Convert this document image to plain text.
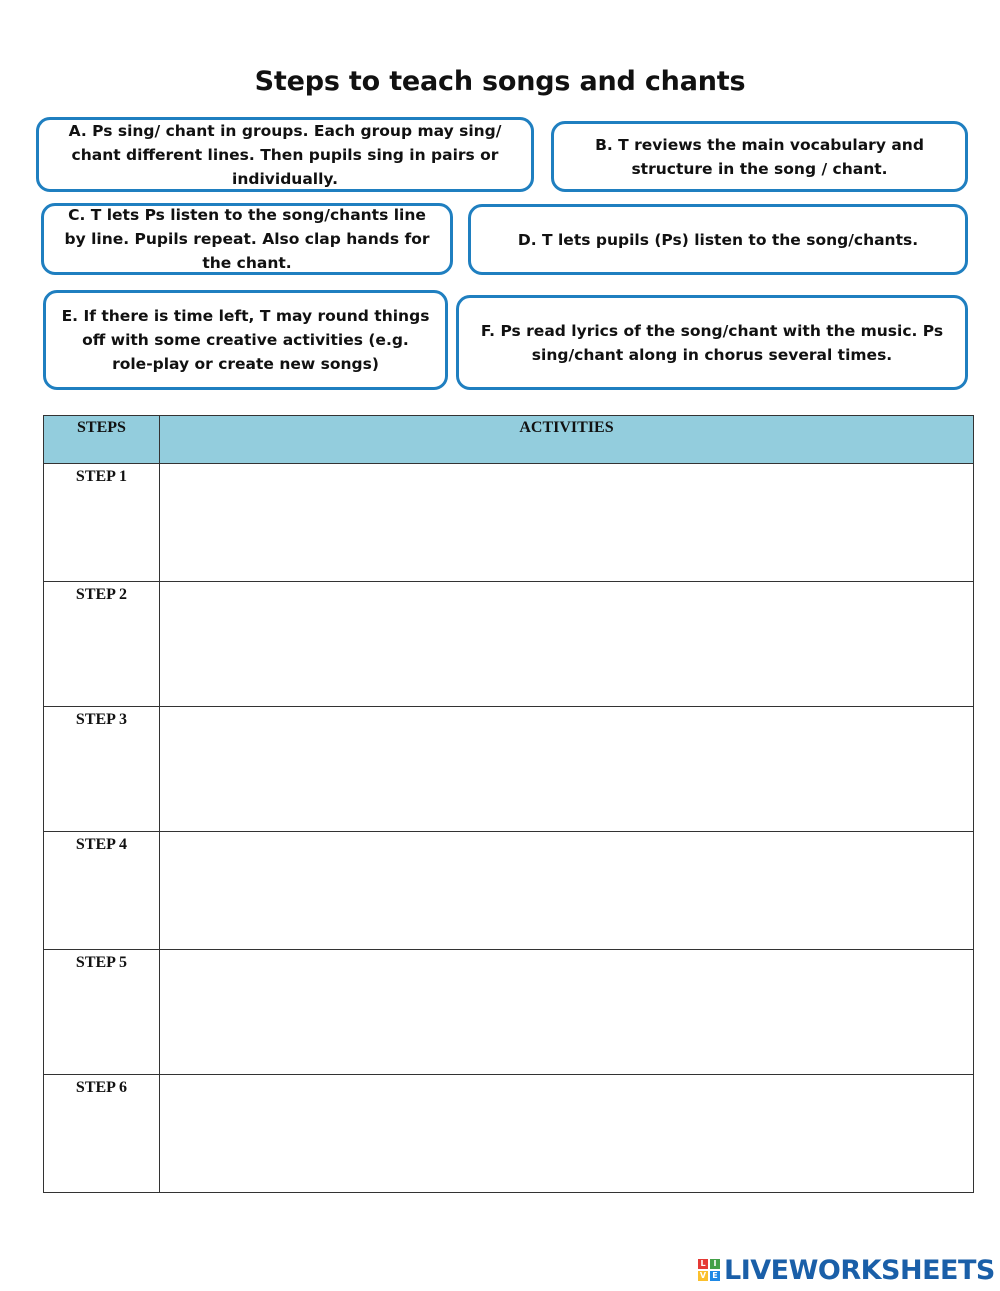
Steps to teach songs and chants
A. Ps sing/ chant in groups. Each group may sing/ chant different lines. Then pupils sing in pairs or individually.
B. T reviews the main vocabulary and structure in the song / chant.
C. T lets Ps listen to the song/chants line by line. Pupils repeat. Also clap hands for the chant.
D. T lets pupils (Ps) listen to the song/chants.
E. If there is time left, T may round things off with some creative activities (e.g. role-play or create new songs)
F. Ps read lyrics of the song/chant with the music. Ps sing/chant along in chorus several times.
STEPS	ACTIVITIES
STEP 1	
STEP 2	
STEP 3	
STEP 4	
STEP 5	
STEP 6	
L I
V E LIVEWORKSHEETS
